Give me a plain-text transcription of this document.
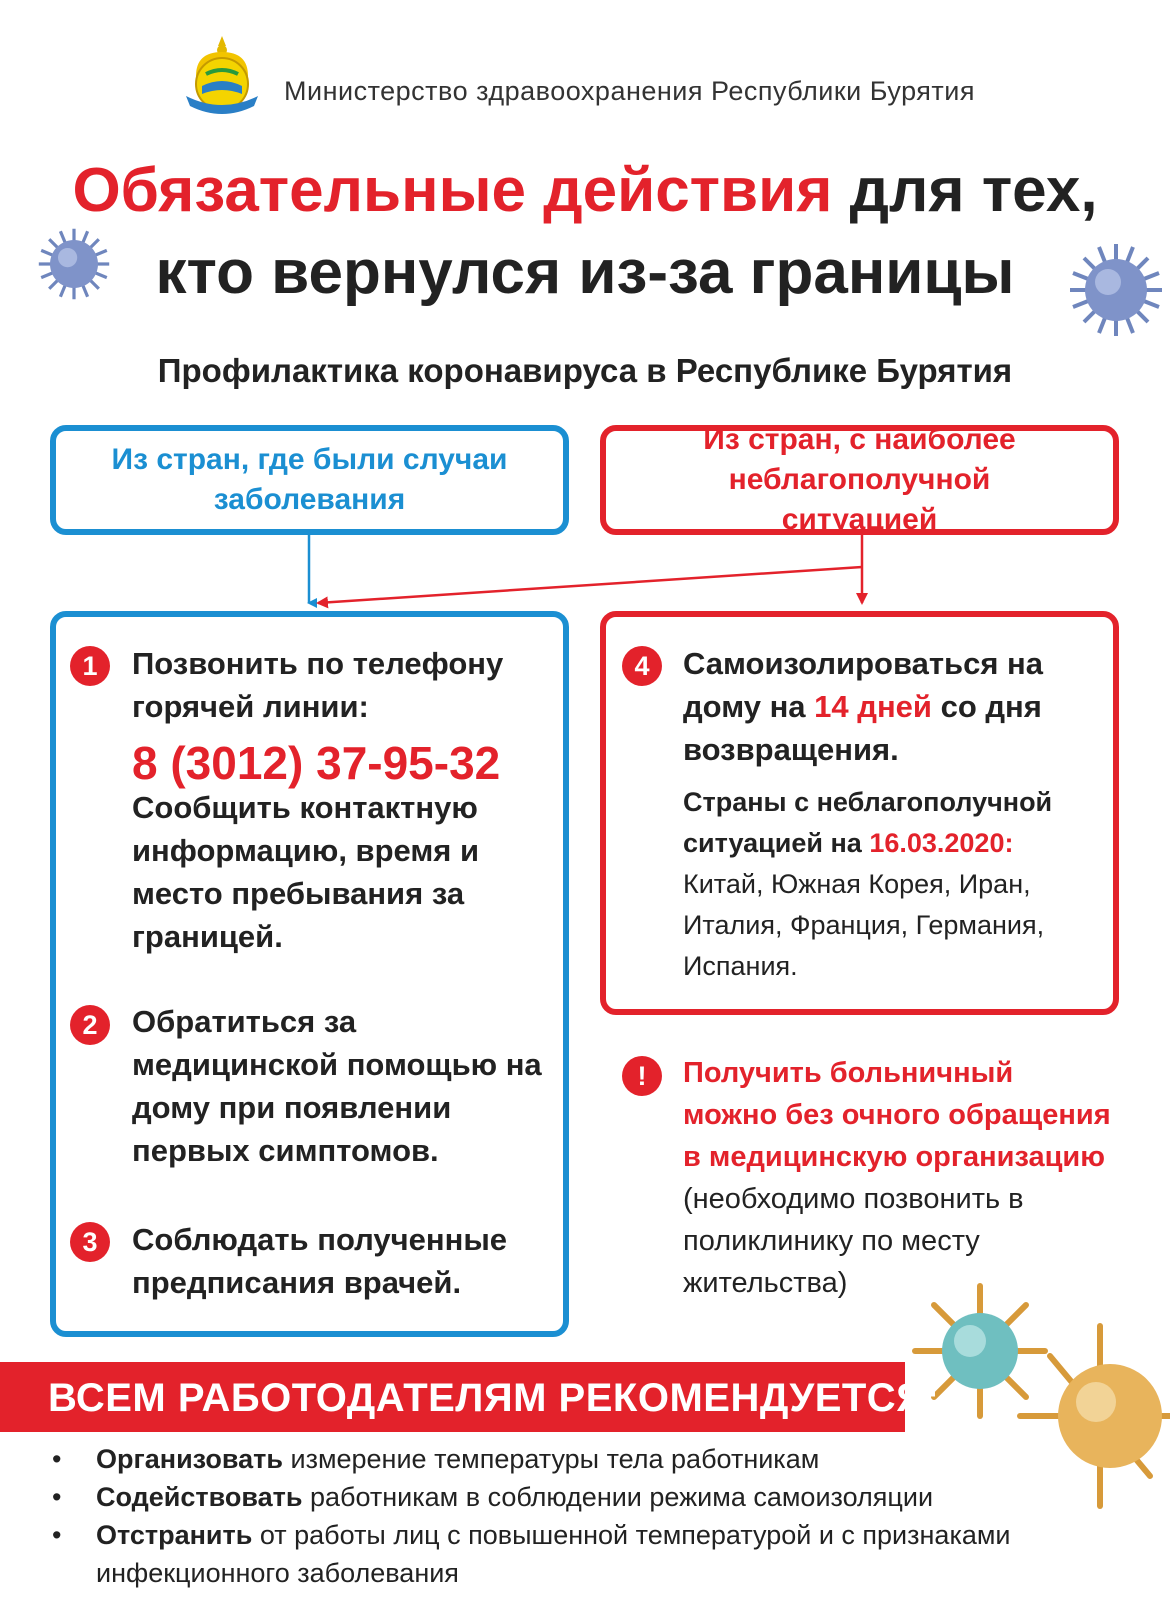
Министерство здравоохранения Республики Бурятия
Обязательные действия для тех,
кто вернулся из-за границы
Профилактика коронавируса в Республике Бурятия
Из стран, где были случаи заболевания
Из стран, с наиболее неблагополучной ситуацией
1	Позвонить по телефону горячей линии:
8 (3012) 37-95-32
Сообщить контактную информацию, время и место пребывания за границей.
2	Обратиться за медицинской помощью на дому при появлении первых симптомов.
3	Соблюдать полученные предписания врачей.
4	Самоизолироваться на дому на 14 дней со дня возвращения.
Страны с неблагополучной ситуацией на 16.03.2020:
Китай, Южная Корея, Иран, Италия, Франция, Германия, Испания.
!	Получить больничный можно без очного обращения в медицинскую организацию (необходимо позвонить в поликлинику по месту жительства)
ВСЕМ РАБОТОДАТЕЛЯМ РЕКОМЕНДУЕТСЯ:
• Организовать измерение температуры тела работникам
• Содействовать работникам в соблюдении режима самоизоляции
• Отстранить от работы лиц с повышенной температурой и с признаками инфекционного заболевания
